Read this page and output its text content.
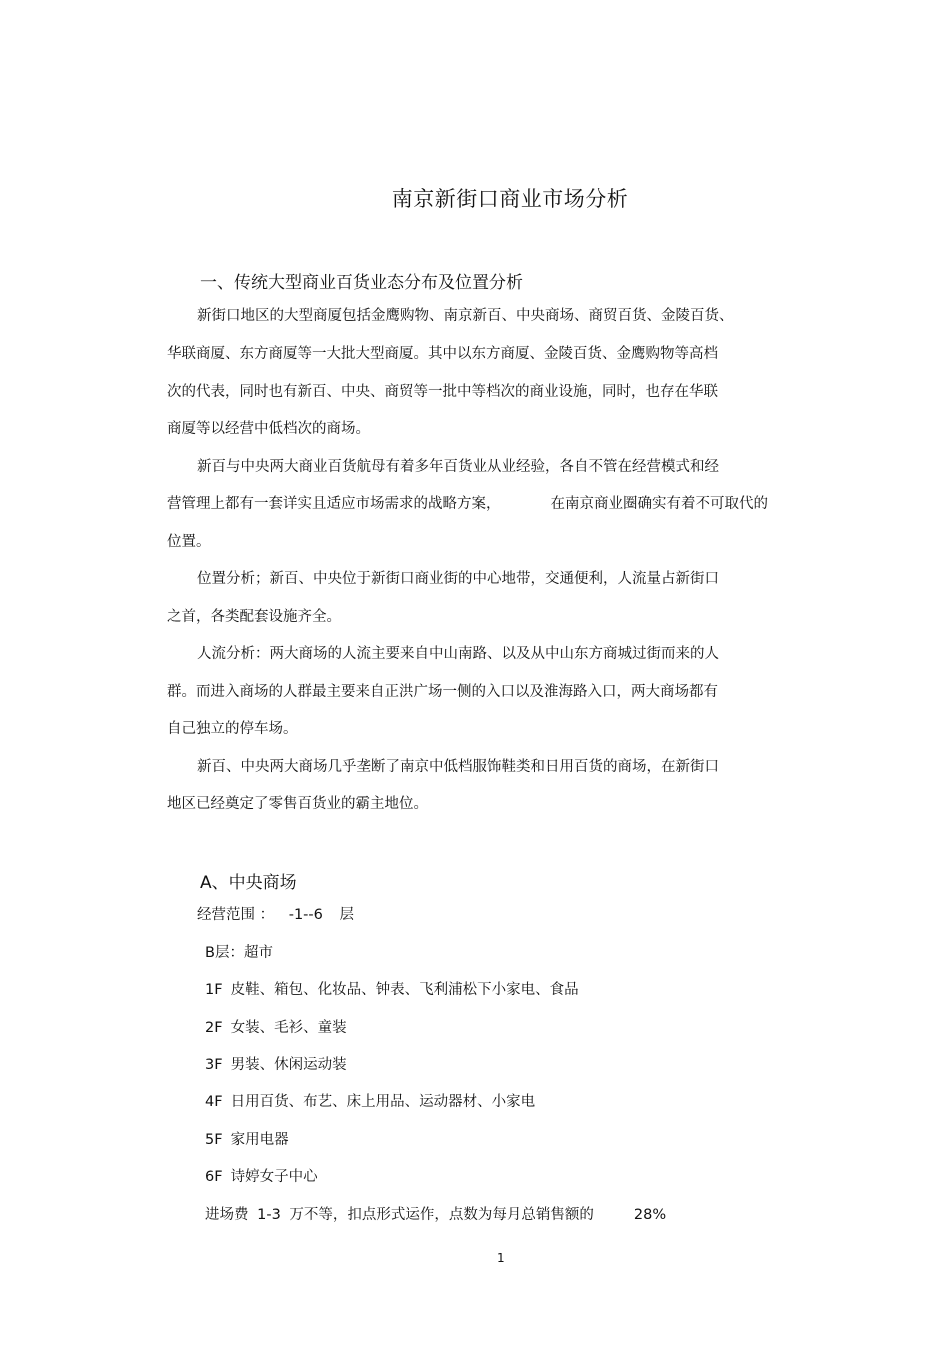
南京新街口商业市场分析
一、传统大型商业百货业态分布及位置分析
新街口地区的大型商厦包括金鹰购物、南京新百、中央商场、商贸百货、金陵百货、
华联商厦、东方商厦等一大批大型商厦。其中以东方商厦、金陵百货、金鹰购物等高档
次的代表，同时也有新百、中央、商贸等一批中等档次的商业设施，同时，也存在华联
商厦等以经营中低档次的商场。
新百与中央两大商业百货航母有着多年百货业从业经验，各自不管在经营模式和经
营管理上都有一套详实且适应市场需求的战略方案，	在南京商业圈确实有着不可取代的
位置。
位置分析；新百、中央位于新街口商业街的中心地带，交通便利，人流量占新街口
之首，各类配套设施齐全。
人流分析：两大商场的人流主要来自中山南路、以及从中山东方商城过街而来的人
群。而进入商场的人群最主要来自正洪广场一侧的入口以及淮海路入口，两大商场都有
自己独立的停车场。
新百、中央两大商场几乎垄断了南京中低档服饰鞋类和日用百货的商场，在新街口
地区已经奠定了零售百货业的霸主地位。
A、中央商场
经营范围 ： -1--6 层
B层：超市
1F 皮鞋、箱包、化妆品、钟表、飞利浦松下小家电、食品
2F 女装、毛衫、童装
3F 男装、休闲运动装
4F 日用百货、布艺、床上用品、运动器材、小家电
5F 家用电器
6F 诗婷女子中心
进场费 1-3 万不等，扣点形式运作，点数为每月总销售额的	28%
1
